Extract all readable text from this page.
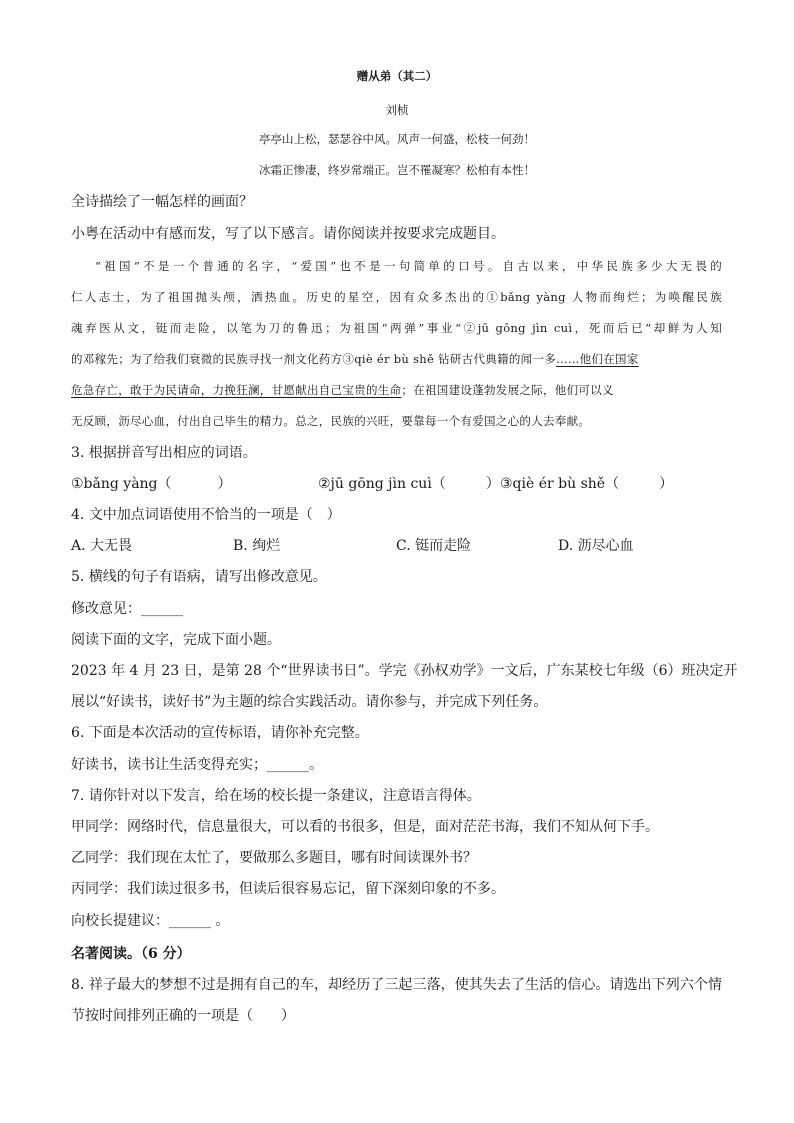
赠从弟（其二）
刘桢
亭亭山上松，瑟瑟谷中风。风声一何盛，松枝一何劲！
冰霜正惨凄，终岁常端正。岂不罹凝寒？松柏有本性！
全诗描绘了一幅怎样的画面？
小粤在活动中有感而发，写了以下感言。请你阅读并按要求完成题目。
“祖国”不是一个普通的名字，“爱国”也不是一句简单的口号。自古以来，中华民族多少大无畏的
仁人志士，为了祖国抛头颅，洒热血。历史的星空，因有众多杰出的①bǎng yàng 人物而绚烂；为唤醒民族
魂弃医从文，铤而走险，以笔为刀的鲁迅；为祖国“两弹”事业“②jū gōng jìn cuì，死而后已”却鲜为人知
的邓稼先；为了给我们衰微的民族寻找一剂文化药方③qiè ér bù shě 钻研古代典籍的闻一多……他们在国家
危急存亡，敢于为民请命，力挽狂澜，甘愿献出自己宝贵的生命；在祖国建设蓬勃发展之际，他们可以义
无反顾，沥尽心血，付出自己毕生的精力。总之，民族的兴旺，要靠每一个有爱国之心的人去奉献。
3. 根据拼音写出相应的词语。
①bǎng yàng（	）	②jū gōng jìn cuì（	） ③qiè ér bù shě（	）
4. 文中加点词语使用不恰当的一项是（　）
A. 大无畏	B. 绚烂	C. 铤而走险	D. 沥尽心血
5. 横线的句子有语病，请写出修改意见。
修改意见：______
阅读下面的文字，完成下面小题。
2023 年 4 月 23 日，是第 28 个“世界读书日”。学完《孙权劝学》一文后，广东某校七年级（6）班决定开
展以“好读书，读好书”为主题的综合实践活动。请你参与，并完成下列任务。
6. 下面是本次活动的宣传标语，请你补充完整。
好读书，读书让生活变得充实；______。
7. 请你针对以下发言，给在场的校长提一条建议，注意语言得体。
甲同学：网络时代，信息量很大，可以看的书很多，但是，面对茫茫书海，我们不知从何下手。
乙同学：我们现在太忙了，要做那么多题目，哪有时间读课外书？
丙同学：我们读过很多书，但读后很容易忘记，留下深刻印象的不多。
向校长提建议：______ 。
名著阅读。（6 分）
8. 祥子最大的梦想不过是拥有自己的车，却经历了三起三落，使其失去了生活的信心。请选出下列六个情
节按时间排列正确的一项是（　　）
